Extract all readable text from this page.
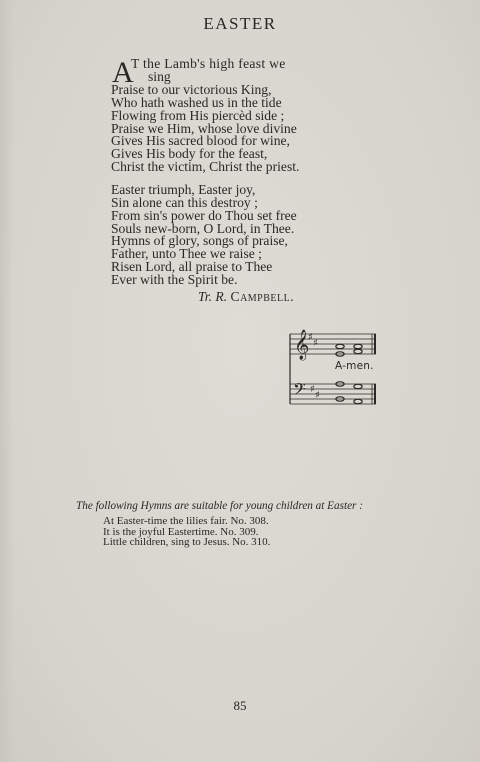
EASTER
A
T the Lamb's high feast we
sing
Praise to our victorious King,
Who hath washed us in the tide
Flowing from His piercèd side ;
Praise we Him, whose love divine
Gives His sacred blood for wine,
Gives His body for the feast,
Christ the victim, Christ the priest.
Easter triumph, Easter joy,
Sin alone can this destroy ;
From sin's power do Thou set free
Souls new-born, O Lord, in Thee.
Hymns of glory, songs of praise,
Father, unto Thee we raise ;
Risen Lord, all praise to Thee
Ever with the Spirit be.
Tr. R. Campbell.
𝄞
♯
♯
𝄢 ♯
♯
A-men.
The following Hymns are suitable for young children at Easter :
At Easter-time the lilies fair. No. 308.
It is the joyful Eastertime. No. 309.
Little children, sing to Jesus. No. 310.
85
